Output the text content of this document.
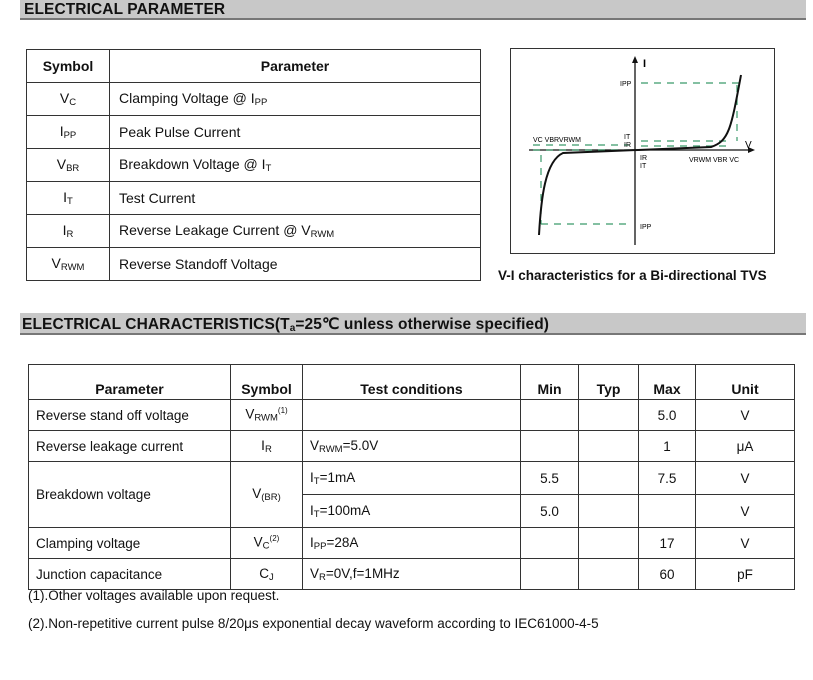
ELECTRICAL PARAMETER
Symbol	Parameter
$V_C$	Clamping Voltage @ $I_{PP}$
$I_{PP}$	Peak Pulse Current
$V_{BR}$	Breakdown Voltage @ $I_T$
$I_T$	Test Current
$I_R$	Reverse Leakage Current @ $V_{RWM}$
$V_{RWM}$	Reverse Standoff Voltage
I
V
IPP
IT
IR
IR
IT
IPP
VC VBRVRWM
VRWM VBR VC
V-I characteristics for a Bi-directional TVS
ELECTRICAL $CHARACTERISTICS(T_a=25℃$ unless otherwise specified)
Parameter	Symbol	Test conditions	Min	Typ	Max	Unit
Reverse stand off voltage	$V_{RWM}^{(1)}$				5.0	V
Reverse leakage current	$I_R$	$V_{RWM}=5.0V$			1	μA
Breakdown voltage	$V_{(BR)}$	$I_T=1mA$	5.5		7.5	V
		$I_T=100mA$	5.0			V
Clamping voltage	$V_C^{(2)}$	$I_{PP}=28A$			17	V
Junction capacitance	$C_J$	$V_R=0V,f=1MHz$			60	pF
(1).Other voltages available upon request.
(2).Non-repetitive current pulse 8/20μs exponential decay waveform according to IEC61000-4-5
